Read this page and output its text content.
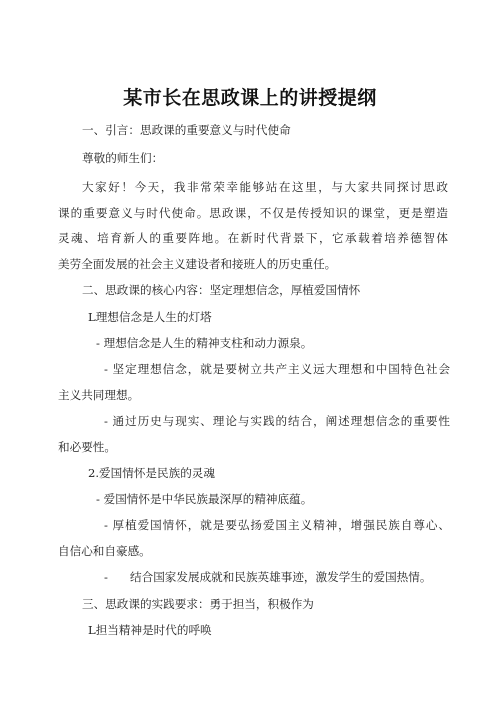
某市长在思政课上的讲授提纲
一、引言：思政课的重要意义与时代使命
尊敬的师生们：
大家好！今天，我非常荣幸能够站在这里，与大家共同探讨思政
课的重要意义与时代使命。思政课，不仅是传授知识的课堂，更是塑造
灵魂、培育新人的重要阵地。在新时代背景下，它承载着培养德智体
美劳全面发展的社会主义建设者和接班人的历史重任。
二、思政课的核心内容：坚定理想信念，厚植爱国情怀
L理想信念是人生的灯塔
- 理想信念是人生的精神支柱和动力源泉。
- 坚定理想信念，就是要树立共产主义远大理想和中国特色社会
主义共同理想。
- 通过历史与现实、理论与实践的结合，阐述理想信念的重要性
和必要性。
2.爱国情怀是民族的灵魂
- 爱国情怀是中华民族最深厚的精神底蕴。
- 厚植爱国情怀，就是要弘扬爱国主义精神，增强民族自尊心、
自信心和自豪感。
-      结合国家发展成就和民族英雄事迹，激发学生的爱国热情。
三、思政课的实践要求：勇于担当，积极作为
L担当精神是时代的呼唤
